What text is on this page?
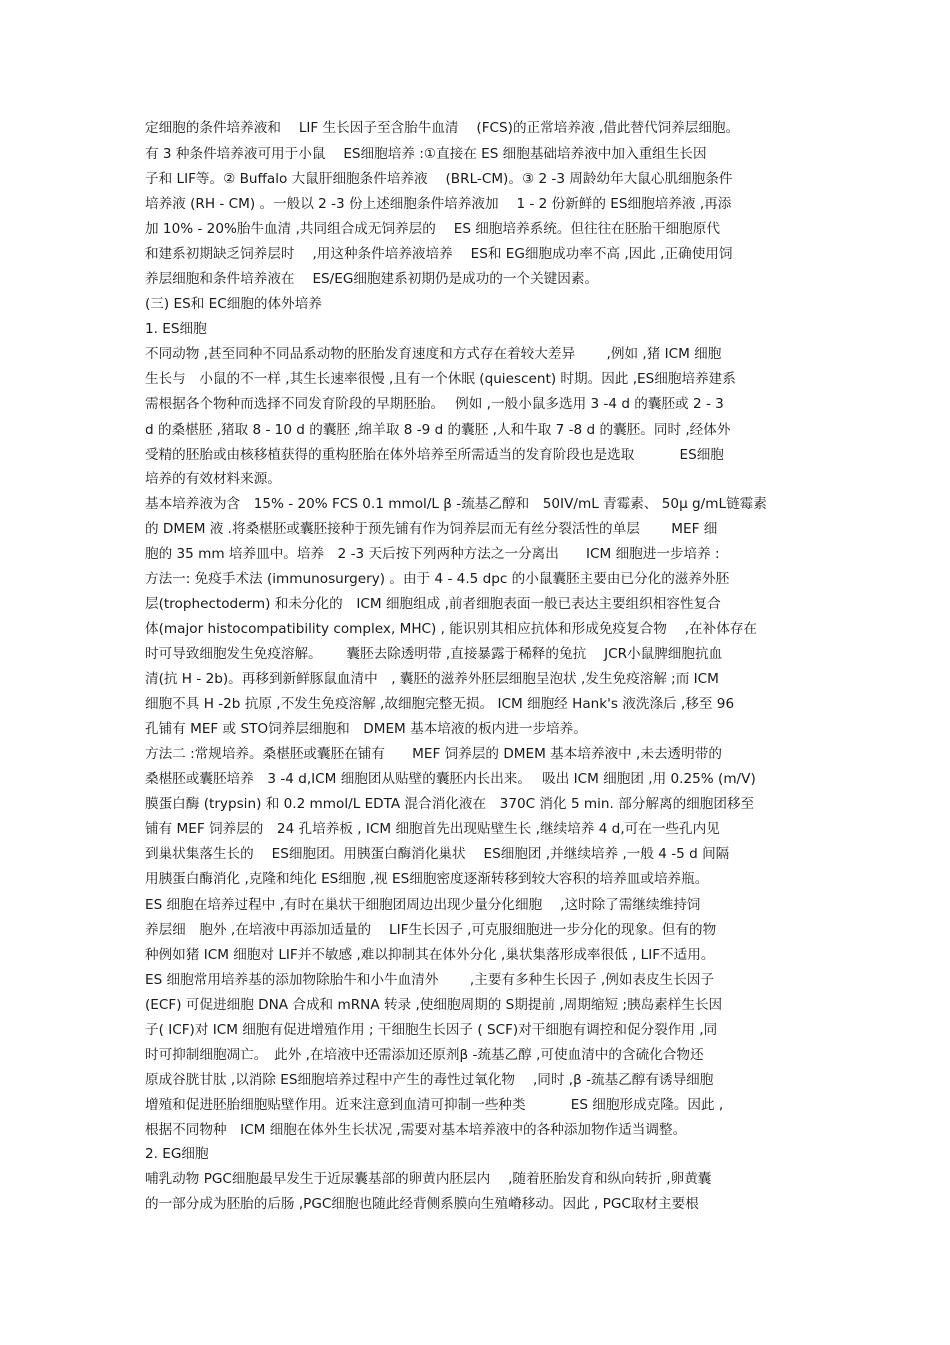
定细胞的条件培养液和　 LIF 生长因子至含胎牛血清　 (FCS)的正常培养液 ,借此替代饲养层细胞。
有 3 种条件培养液可用于小鼠　 ES细胞培养 :①直接在 ES 细胞基础培养液中加入重组生长因
子和 LIF等。② Buffalo 大鼠肝细胞条件培养液　 (BRL-CM)。③ 2 -3 周龄幼年大鼠心肌细胞条件
培养液 (RH - CM) 。一般以 2 -3 份上述细胞条件培养液加　 1 - 2 份新鲜的 ES细胞培养液 ,再添
加 10% - 20%胎牛血清 ,共同组合成无饲养层的　 ES 细胞培养系统。但往往在胚胎干细胞原代
和建系初期缺乏饲养层时　 ,用这种条件培养液培养　 ES和 EG细胞成功率不高 ,因此 ,正确使用饲
养层细胞和条件培养液在　 ES/EG细胞建系初期仍是成功的一个关键因素。
(三) ES和 EC细胞的体外培养
1. ES细胞
不同动物 ,甚至同种不同品系动物的胚胎发育速度和方式存在着较大差异　　 ,例如 ,猪 ICM 细胞
生长与　小鼠的不一样 ,其生长速率很慢 ,且有一个休眠 (quiescent) 时期。因此 ,ES细胞培养建系
需根据各个物种而选择不同发育阶段的早期胚胎。　 例如 ,一般小鼠多选用 3 -4 d 的囊胚或 2 - 3
d 的桑椹胚 ,猪取 8 - 10 d 的囊胚 ,绵羊取 8 -9 d 的囊胚 ,人和牛取 7 -8 d 的囊胚。同时 ,经体外
受精的胚胎或由核移植获得的重构胚胎在体外培养至所需适当的发育阶段也是选取　　　 ES细胞
培养的有效材料来源。
基本培养液为含　15% - 20% FCS 0.1 mmol/L β -巯基乙醇和　50IV/mL 青霉素、 50μ g/mL链霉素
的 DMEM 液 .将桑椹胚或囊胚接种于预先铺有作为饲养层而无有丝分裂活性的单层　　 MEF 细
胞的 35 mm 培养皿中。培养　2 -3 天后按下列两种方法之一分离出　　ICM 细胞进一步培养 :
方法一: 免疫手术法 (immunosurgery) 。由于 4 - 4.5 dpc 的小鼠囊胚主要由已分化的滋养外胚
层(trophectoderm) 和未分化的　ICM 细胞组成 ,前者细胞表面一般已表达主要组织相容性复合
体(major histocompatibility complex, MHC) , 能识别其相应抗体和形成免疫复合物　 ,在补体存在
时可导致细胞发生免疫溶解。　　 囊胚去除透明带 ,直接暴露于稀释的兔抗　 JCR小鼠脾细胞抗血
清(抗 H - 2b)。再移到新鲜豚鼠血清中　, 囊胚的滋养外胚层细胞呈泡状 ,发生免疫溶解 ;而 ICM
细胞不具 H -2b 抗原 ,不发生免疫溶解 ,故细胞完整无损。 ICM 细胞经 Hank's 液洗涤后 ,移至 96
孔铺有 MEF 或 STO饲养层细胞和　DMEM 基本培液的板内进一步培养。
方法二 :常规培养。桑椹胚或囊胚在铺有　　MEF 饲养层的 DMEM 基本培养液中 ,未去透明带的
桑椹胚或囊胚培养　3 -4 d,ICM 细胞团从贴壁的囊胚内长出来。　 吸出 ICM 细胞团 ,用 0.25% (m/V)
膜蛋白酶 (trypsin) 和 0.2 mmol/L EDTA 混合消化液在　370C 消化 5 min. 部分解离的细胞团移至
铺有 MEF 饲养层的　24 孔培养板 , ICM 细胞首先出现贴壁生长 ,继续培养 4 d,可在一些孔内见
到巢状集落生长的　 ES细胞团。用胰蛋白酶消化巢状　 ES细胞团 ,并继续培养 ,一般 4 -5 d 间隔
用胰蛋白酶消化 ,克隆和纯化 ES细胞 ,视 ES细胞密度逐渐转移到较大容积的培养皿或培养瓶。
ES 细胞在培养过程中 ,有时在巢状干细胞团周边出现少量分化细胞　 ,这时除了需继续维持饲
养层细　胞外 ,在培液中再添加适量的　 LIF生长因子 ,可克服细胞进一步分化的现象。但有的物
种例如猪 ICM 细胞对 LIF并不敏感 ,难以抑制其在体外分化 ,巢状集落形成率很低 , LIF不适用。
ES 细胞常用培养基的添加物除胎牛和小牛血清外　　 ,主要有多种生长因子 ,例如表皮生长因子
(ECF) 可促进细胞 DNA 合成和 mRNA 转录 ,使细胞周期的 S期提前 ,周期缩短 ;胰岛素样生长因
子( ICF)对 ICM 细胞有促进增殖作用 ; 干细胞生长因子 ( SCF)对干细胞有调控和促分裂作用 ,同
时可抑制细胞凋亡。　此外 ,在培液中还需添加还原剂β -巯基乙醇 ,可使血清中的含硫化合物还
原成谷胱甘肽 ,以消除 ES细胞培养过程中产生的毒性过氧化物　 ,同时 ,β -巯基乙醇有诱导细胞
增殖和促进胚胎细胞贴壁作用。近来注意到血清可抑制一些种类　　　 ES 细胞形成克隆。因此 ,
根据不同物种　ICM 细胞在体外生长状况 ,需要对基本培养液中的各种添加物作适当调整。
2. EG细胞
哺乳动物 PGC细胞最早发生于近尿囊基部的卵黄内胚层内　 ,随着胚胎发育和纵向转折 ,卵黄囊
的一部分成为胚胎的后肠 ,PGC细胞也随此经背侧系膜向生殖嵴移动。因此 , PGC取材主要根
